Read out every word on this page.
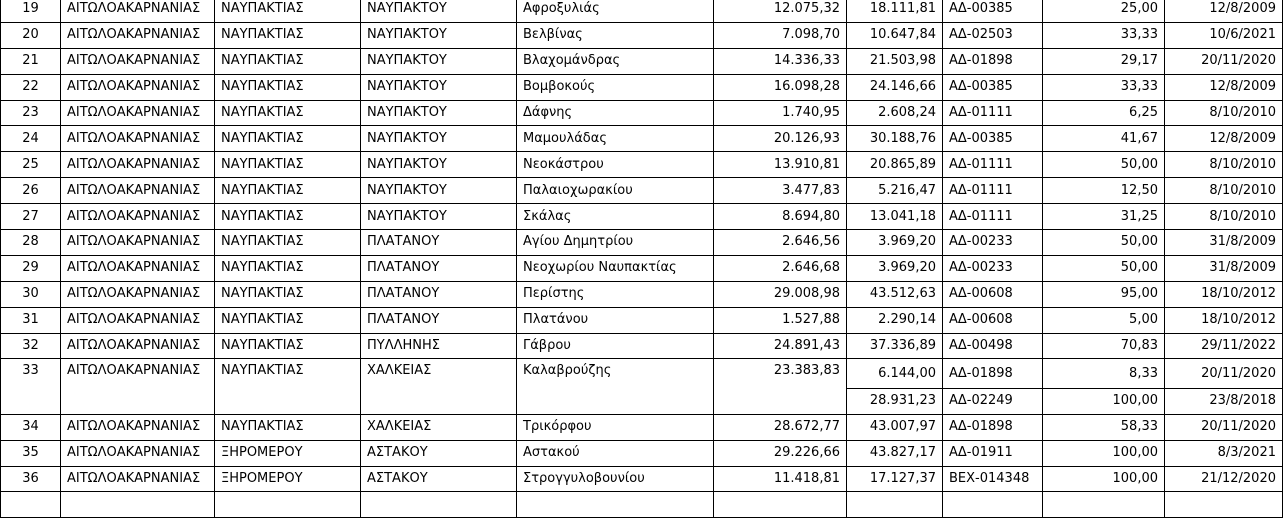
19	ΑΙΤΩΛΟΑΚΑΡΝΑΝΙΑΣ	ΝΑΥΠΑΚΤΙΑΣ	ΝΑΥΠΑΚΤΟΥ	Αφροξυλιάς	12.075,32	18.111,81	ΑΔ-00385	25,00	12/8/2009
20	ΑΙΤΩΛΟΑΚΑΡΝΑΝΙΑΣ	ΝΑΥΠΑΚΤΙΑΣ	ΝΑΥΠΑΚΤΟΥ	Βελβίνας	7.098,70	10.647,84	ΑΔ-02503	33,33	10/6/2021
21	ΑΙΤΩΛΟΑΚΑΡΝΑΝΙΑΣ	ΝΑΥΠΑΚΤΙΑΣ	ΝΑΥΠΑΚΤΟΥ	Βλαχομάνδρας	14.336,33	21.503,98	ΑΔ-01898	29,17	20/11/2020
22	ΑΙΤΩΛΟΑΚΑΡΝΑΝΙΑΣ	ΝΑΥΠΑΚΤΙΑΣ	ΝΑΥΠΑΚΤΟΥ	Βομβοκούς	16.098,28	24.146,66	ΑΔ-00385	33,33	12/8/2009
23	ΑΙΤΩΛΟΑΚΑΡΝΑΝΙΑΣ	ΝΑΥΠΑΚΤΙΑΣ	ΝΑΥΠΑΚΤΟΥ	Δάφνης	1.740,95	2.608,24	ΑΔ-01111	6,25	8/10/2010
24	ΑΙΤΩΛΟΑΚΑΡΝΑΝΙΑΣ	ΝΑΥΠΑΚΤΙΑΣ	ΝΑΥΠΑΚΤΟΥ	Μαμουλάδας	20.126,93	30.188,76	ΑΔ-00385	41,67	12/8/2009
25	ΑΙΤΩΛΟΑΚΑΡΝΑΝΙΑΣ	ΝΑΥΠΑΚΤΙΑΣ	ΝΑΥΠΑΚΤΟΥ	Νεοκάστρου	13.910,81	20.865,89	ΑΔ-01111	50,00	8/10/2010
26	ΑΙΤΩΛΟΑΚΑΡΝΑΝΙΑΣ	ΝΑΥΠΑΚΤΙΑΣ	ΝΑΥΠΑΚΤΟΥ	Παλαιοχωρακίου	3.477,83	5.216,47	ΑΔ-01111	12,50	8/10/2010
27	ΑΙΤΩΛΟΑΚΑΡΝΑΝΙΑΣ	ΝΑΥΠΑΚΤΙΑΣ	ΝΑΥΠΑΚΤΟΥ	Σκάλας	8.694,80	13.041,18	ΑΔ-01111	31,25	8/10/2010
28	ΑΙΤΩΛΟΑΚΑΡΝΑΝΙΑΣ	ΝΑΥΠΑΚΤΙΑΣ	ΠΛΑΤΑΝΟΥ	Αγίου Δημητρίου	2.646,56	3.969,20	ΑΔ-00233	50,00	31/8/2009
29	ΑΙΤΩΛΟΑΚΑΡΝΑΝΙΑΣ	ΝΑΥΠΑΚΤΙΑΣ	ΠΛΑΤΑΝΟΥ	Νεοχωρίου Ναυπακτίας	2.646,68	3.969,20	ΑΔ-00233	50,00	31/8/2009
30	ΑΙΤΩΛΟΑΚΑΡΝΑΝΙΑΣ	ΝΑΥΠΑΚΤΙΑΣ	ΠΛΑΤΑΝΟΥ	Περίστης	29.008,98	43.512,63	ΑΔ-00608	95,00	18/10/2012
31	ΑΙΤΩΛΟΑΚΑΡΝΑΝΙΑΣ	ΝΑΥΠΑΚΤΙΑΣ	ΠΛΑΤΑΝΟΥ	Πλατάνου	1.527,88	2.290,14	ΑΔ-00608	5,00	18/10/2012
32	ΑΙΤΩΛΟΑΚΑΡΝΑΝΙΑΣ	ΝΑΥΠΑΚΤΙΑΣ	ΠΥΛΛΗΝΗΣ	Γάβρου	24.891,43	37.336,89	ΑΔ-00498	70,83	29/11/2022
33	ΑΙΤΩΛΟΑΚΑΡΝΑΝΙΑΣ	ΝΑΥΠΑΚΤΙΑΣ	ΧΑΛΚΕΙΑΣ	Καλαβρούζης	23.383,83	6.144,00	ΑΔ-01898	8,33	20/11/2020
						28.931,23	ΑΔ-02249	100,00	23/8/2018
34	ΑΙΤΩΛΟΑΚΑΡΝΑΝΙΑΣ	ΝΑΥΠΑΚΤΙΑΣ	ΧΑΛΚΕΙΑΣ	Τρικόρφου	28.672,77	43.007,97	ΑΔ-01898	58,33	20/11/2020
35	ΑΙΤΩΛΟΑΚΑΡΝΑΝΙΑΣ	ΞΗΡΟΜΕΡΟΥ	ΑΣΤΑΚΟΥ	Αστακού	29.226,66	43.827,17	ΑΔ-01911	100,00	8/3/2021
36	ΑΙΤΩΛΟΑΚΑΡΝΑΝΙΑΣ	ΞΗΡΟΜΕΡΟΥ	ΑΣΤΑΚΟΥ	Στρογγυλοβουνίου	11.418,81	17.127,37	ΒΕΧ-014348	100,00	21/12/2020
